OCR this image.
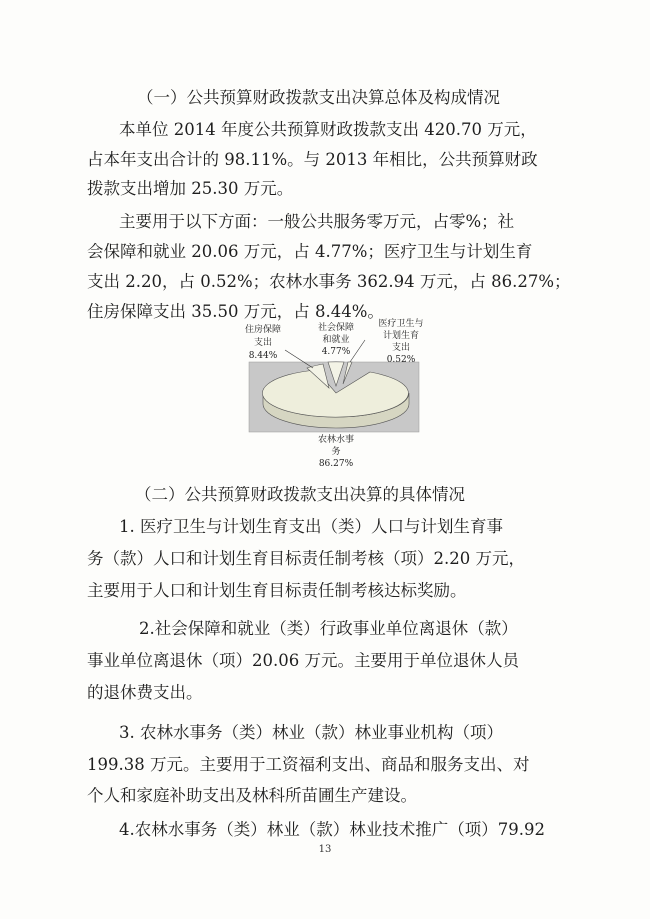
（一）公共预算财政拨款支出决算总体及构成情况
本单位 2014 年度公共预算财政拨款支出 420.70 万元，
占本年支出合计的 98.11%。与 2013 年相比，公共预算财政
拨款支出增加 25.30 万元。
主要用于以下方面：一般公共服务零万元，占零%；社
会保障和就业 20.06 万元，占 4.77%；医疗卫生与计划生育
支出 2.20，占 0.52%；农林水事务 362.94 万元，占 86.27%；
住房保障支出 35.50 万元，占 8.44%。
住房保障
支出
8.44%
社会保障
和就业
4.77%
医疗卫生与
计划生育
支出
0.52%
农林水事
务
86.27%
（二）公共预算财政拨款支出决算的具体情况
1. 医疗卫生与计划生育支出（类）人口与计划生育事
务（款）人口和计划生育目标责任制考核（项）2.20 万元，
主要用于人口和计划生育目标责任制考核达标奖励。
2.社会保障和就业（类）行政事业单位离退休（款）
事业单位离退休（项）20.06 万元。主要用于单位退休人员
的退休费支出。
3. 农林水事务（类）林业（款）林业事业机构（项）
199.38 万元。主要用于工资福利支出、商品和服务支出、对
个人和家庭补助支出及林科所苗圃生产建设。
4.农林水事务（类）林业（款）林业技术推广（项）79.92
13
